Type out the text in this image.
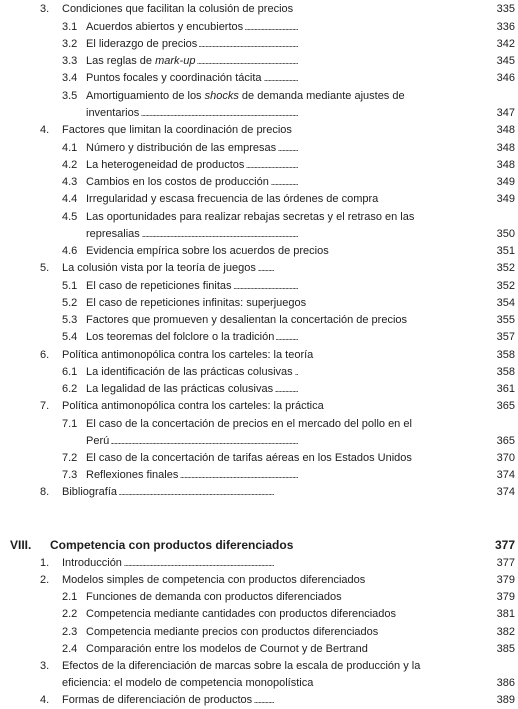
3. . . . Condiciones que facilitan la colusión de precios	335
3.1 . . . Acuerdos abiertos y encubiertos	336
3.2 . . . El liderazgo de precios	342
3.3 . . . Las reglas de mark-up	345
3.4 . . . Puntos focales y coordinación tácita	346
3.5 Amortiguamiento de los shocks de demanda mediante ajustes de
. . .
inventarios	347
4. . . . Factores que limitan la coordinación de precios	348
4.1 . . . Número y distribución de las empresas	348
4.2 . . . La heterogeneidad de productos	348
4.3 . . . Cambios en los costos de producción	349
4.4 . . . Irregularidad y escasa frecuencia de las órdenes de compra	349
4.5 Las oportunidades para realizar rebajas secretas y el retraso en las
. . .
represalias	350
4.6 . . . Evidencia empírica sobre los acuerdos de precios	351
5. . . . La colusión vista por la teoría de juegos	352
5.1 . . . El caso de repeticiones finitas	352
5.2 . . . El caso de repeticiones infinitas: superjuegos	354
5.3 . . . Factores que promueven y desalientan la concertación de precios	355
5.4 . . . Los teoremas del folclore o la tradición	357
6. . . . Política antimonopólica contra los carteles: la teoría	358
6.1 . . . La identificación de las prácticas colusivas	358
6.2 . . . La legalidad de las prácticas colusivas	361
7. . . . Política antimonopólica contra los carteles: la práctica	365
7.1 El caso de la concertación de precios en el mercado del pollo en el
. . .
Perú	365
7.2 . . . El caso de la concertación de tarifas aéreas en los Estados Unidos	370
7.3 . . . Reflexiones finales	374
8. . . . Bibliografía	374
VIII. . . . Competencia con productos diferenciados	377
1. . . . Introducción	377
2. . . . Modelos simples de competencia con productos diferenciados	379
2.1 . . . Funciones de demanda con productos diferenciados	379
2.2 . . . Competencia mediante cantidades con productos diferenciados	381
2.3 . . . Competencia mediante precios con productos diferenciados	382
2.4 . . . Comparación entre los modelos de Cournot y de Bertrand	385
3. Efectos de la diferenciación de marcas sobre la escala de producción y la
. . .
eficiencia: el modelo de competencia monopolística	386
4. . . . Formas de diferenciación de productos	389
